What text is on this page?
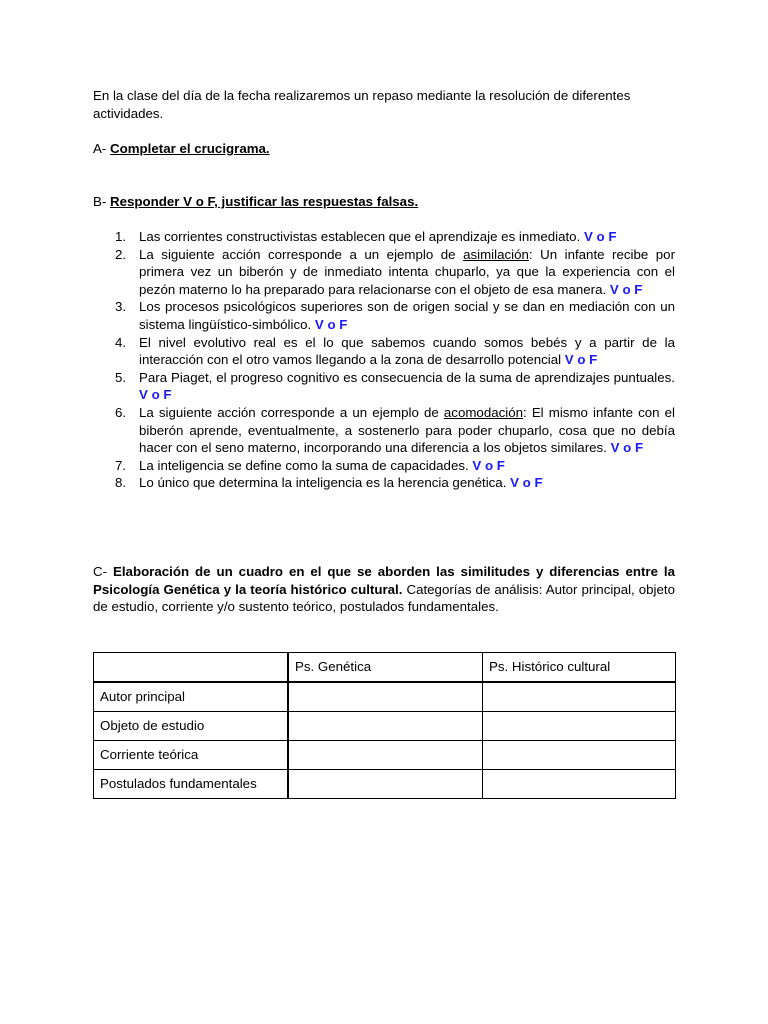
En la clase del día de la fecha realizaremos un repaso mediante la resolución de diferentes actividades.

A- Completar el crucigrama.

B- Responder V o F, justificar las respuestas falsas.

1. Las corrientes constructivistas establecen que el aprendizaje es inmediato. V o F
2. La siguiente acción corresponde a un ejemplo de asimilación: Un infante recibe por primera vez un biberón y de inmediato intenta chuparlo, ya que la experiencia con el pezón materno lo ha preparado para relacionarse con el objeto de esa manera. V o F
3. Los procesos psicológicos superiores son de origen social y se dan en mediación con un sistema lingüístico-simbólico. V o F
4. El nivel evolutivo real es el lo que sabemos cuando somos bebés y a partir de la interacción con el otro vamos llegando a la zona de desarrollo potencial V o F
5. Para Piaget, el progreso cognitivo es consecuencia de la suma de aprendizajes puntuales. V o F
6. La siguiente acción corresponde a un ejemplo de acomodación: El mismo infante con el biberón aprende, eventualmente, a sostenerlo para poder chuparlo, cosa que no debía hacer con el seno materno, incorporando una diferencia a los objetos similares. V o F
7. La inteligencia se define como la suma de capacidades. V o F
8. Lo único que determina la inteligencia es la herencia genética. V o F

C- Elaboración de un cuadro en el que se aborden las similitudes y diferencias entre la Psicología Genética y la teoría histórico cultural. Categorías de análisis: Autor principal, objeto de estudio, corriente y/o sustento teórico, postulados fundamentales.

	Ps. Genética	Ps. Histórico cultural
Autor principal		
Objeto de estudio		
Corriente teórica		
Postulados fundamentales		
